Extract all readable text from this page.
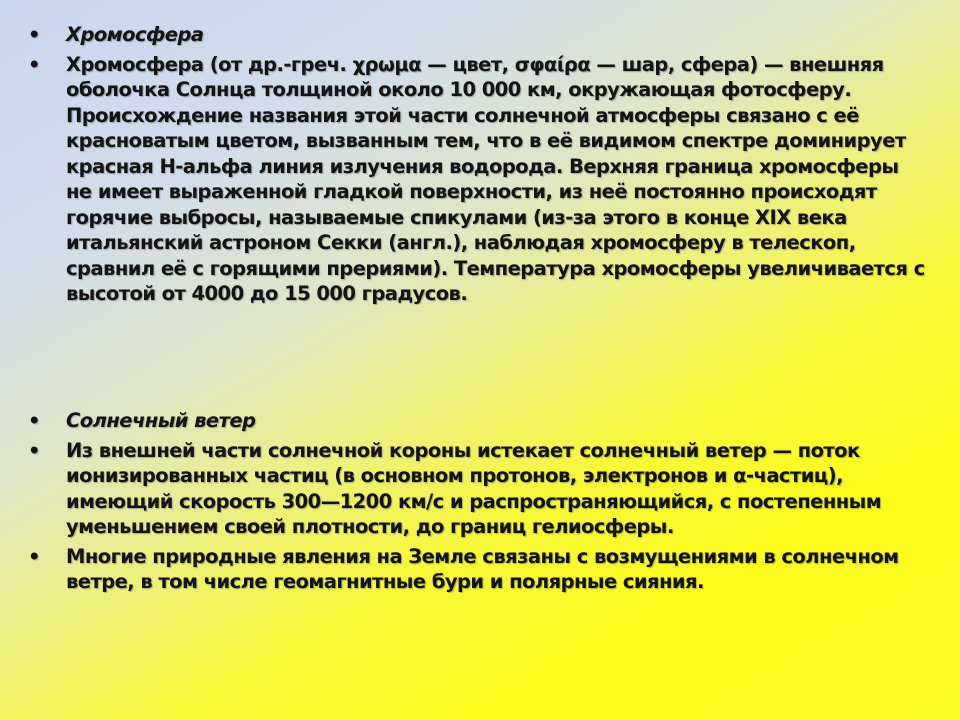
•	Хромосфера
•	Хромосфера (от др.-греч. χρωμα — цвет, σφαίρα — шар, сфера) — внешняя оболочка Солнца толщиной около 10 000 км, окружающая фотосферу. Происхождение названия этой части солнечной атмосферы связано с её красноватым цветом, вызванным тем, что в её видимом спектре доминирует красная H-альфа линия излучения водорода. Верхняя граница хромосферы не имеет выраженной гладкой поверхности, из неё постоянно происходят горячие выбросы, называемые спикулами (из-за этого в конце XIX века итальянский астроном Секки (англ.), наблюдая хромосферу в телескоп, сравнил её с горящими прериями). Температура хромосферы увеличивается с высотой от 4000 до 15 000 градусов.
•	Солнечный ветер
•	Из внешней части солнечной короны истекает солнечный ветер — поток ионизированных частиц (в основном протонов, электронов и α-частиц), имеющий скорость 300—1200 км/с и распространяющийся, с постепенным уменьшением своей плотности, до границ гелиосферы.
•	Многие природные явления на Земле связаны с возмущениями в солнечном ветре, в том числе геомагнитные бури и полярные сияния.
